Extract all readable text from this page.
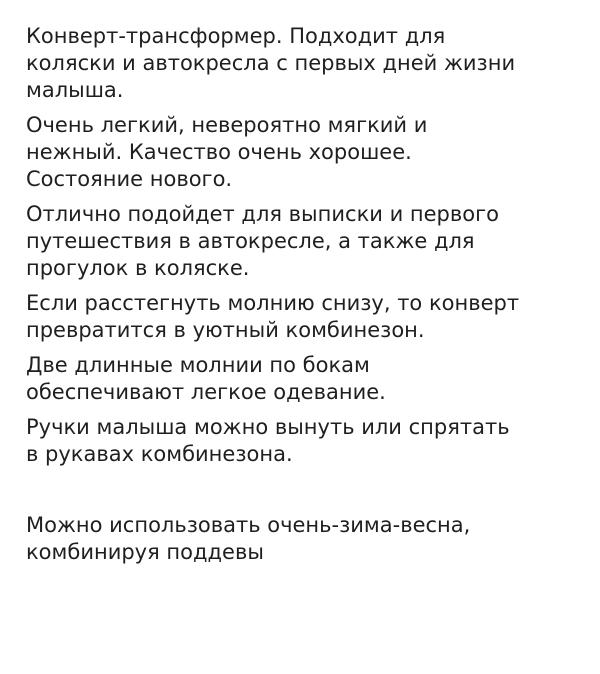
Конверт-трансформер. Подходит для
коляски и автокресла с первых дней жизни
малыша.

Очень легкий, невероятно мягкий и
нежный. Качество очень хорошее.
Состояние нового.

Отлично подойдет для выписки и первого
путешествия в автокресле, а также для
прогулок в коляске.

Если расстегнуть молнию снизу, то конверт
превратится в уютный комбинезон.

Две длинные молнии по бокам
обеспечивают легкое одевание.

Ручки малыша можно вынуть или спрятать
в рукавах комбинезона.

Можно использовать очень-зима-весна,
комбинируя поддевы
